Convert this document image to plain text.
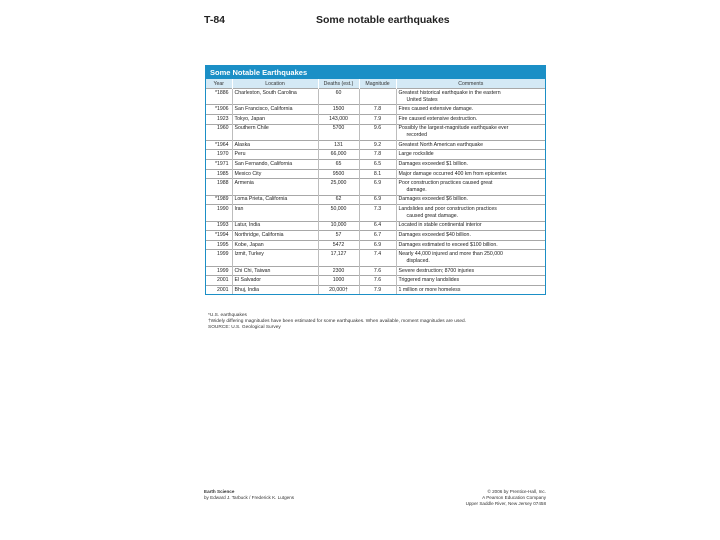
T-84	Some notable earthquakes
Some Notable Earthquakes
Year	Location	Deaths (est.)	Magnitude	Comments
*1886	Charleston, South Carolina	60		Greatest historical earthquake in the eastern
United States

*1906	San Francisco, California	1500	7.8	Fires caused extensive damage.

1923	Tokyo, Japan	143,000	7.9	Fire caused extensive destruction.

1960	Southern Chile	5700	9.6	Possibly the largest-magnitude earthquake ever
recorded

*1964	Alaska	131	9.2	Greatest North American earthquake

1970	Peru	66,000	7.8	Large rockslide

*1971	San Fernando, California	65	6.5	Damages exceeded $1 billion.

1985	Mexico City	9500	8.1	Major damage occurred 400 km from epicenter.

1988	Armenia	25,000	6.9	Poor construction practices caused great
damage.

*1989	Loma Prieta, California	62	6.9	Damages exceeded $6 billion.

1990	Iran	50,000	7.3	Landslides and poor construction practices
caused great damage.

1993	Latur, India	10,000	6.4	Located in stable continental interior

*1994	Northridge, California	57	6.7	Damages exceeded $40 billion.

1995	Kobe, Japan	5472	6.9	Damages estimated to exceed $100 billion.

1999	Izmit, Turkey	17,127	7.4	Nearly 44,000 injured and more than 250,000
displaced.

1999	Chi Chi, Taiwan	2300	7.6	Severe destruction; 8700 injuries

2001	El Salvador	1000	7.6	Triggered many landslides

2001	Bhuj, India	20,000†	7.9	1 million or more homeless
*U.S. earthquakes
†Widely differing magnitudes have been estimated for some earthquakes. When available, moment magnitudes are used.
SOURCE: U.S. Geological Survey
Earth Science
by Edward J. Tarbuck / Frederick K. Lutgens
© 2006 by Prentice-Hall, Inc.
A Pearson Education Company
Upper Saddle River, New Jersey 07458
